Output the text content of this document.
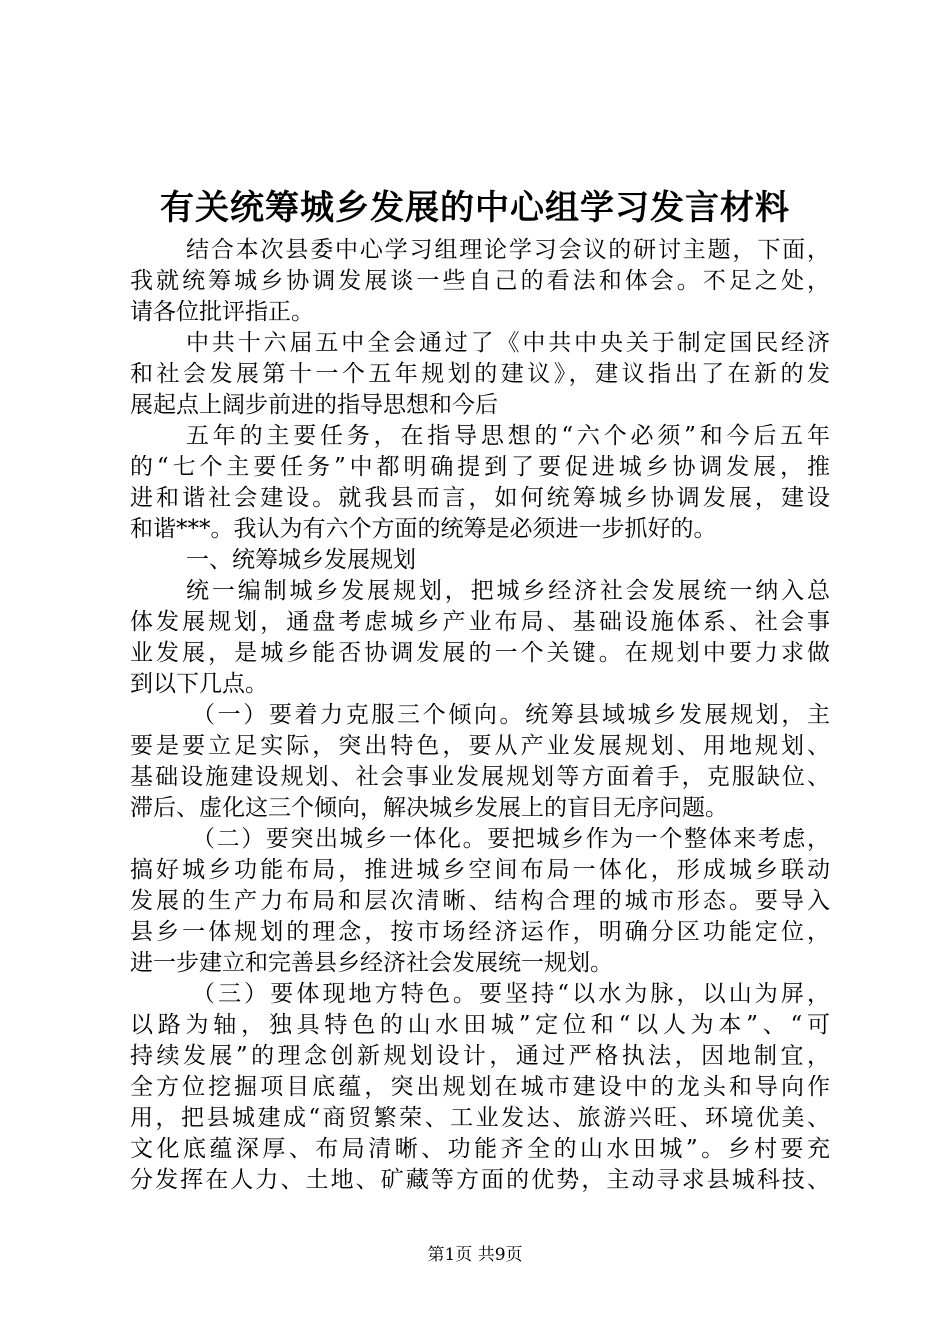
有关统筹城乡发展的中心组学习发言材料
结合本次县委中心学习组理论学习会议的研讨主题，下面，
我就统筹城乡协调发展谈一些自己的看法和体会。不足之处，
请各位批评指正。
中共十六届五中全会通过了《中共中央关于制定国民经济
和社会发展第十一个五年规划的建议》，建议指出了在新的发
展起点上阔步前进的指导思想和今后
五年的主要任务，在指导思想的“六个必须”和今后五年
的“七个主要任务”中都明确提到了要促进城乡协调发展，推
进和谐社会建设。就我县而言，如何统筹城乡协调发展，建设
和谐***。我认为有六个方面的统筹是必须进一步抓好的。
一、统筹城乡发展规划
统一编制城乡发展规划，把城乡经济社会发展统一纳入总
体发展规划，通盘考虑城乡产业布局、基础设施体系、社会事
业发展，是城乡能否协调发展的一个关键。在规划中要力求做
到以下几点。
（一）要着力克服三个倾向。统筹县域城乡发展规划，主
要是要立足实际，突出特色，要从产业发展规划、用地规划、
基础设施建设规划、社会事业发展规划等方面着手，克服缺位、
滞后、虚化这三个倾向，解决城乡发展上的盲目无序问题。
（二）要突出城乡一体化。要把城乡作为一个整体来考虑，
搞好城乡功能布局，推进城乡空间布局一体化，形成城乡联动
发展的生产力布局和层次清晰、结构合理的城市形态。要导入
县乡一体规划的理念，按市场经济运作，明确分区功能定位，
进一步建立和完善县乡经济社会发展统一规划。
（三）要体现地方特色。要坚持“以水为脉，以山为屏，
以路为轴，独具特色的山水田城”定位和“以人为本”、“可
持续发展”的理念创新规划设计，通过严格执法，因地制宜，
全方位挖掘项目底蕴，突出规划在城市建设中的龙头和导向作
用，把县城建成“商贸繁荣、工业发达、旅游兴旺、环境优美、
文化底蕴深厚、布局清晰、功能齐全的山水田城”。乡村要充
分发挥在人力、土地、矿藏等方面的优势，主动寻求县城科技、
第1页 共9页
